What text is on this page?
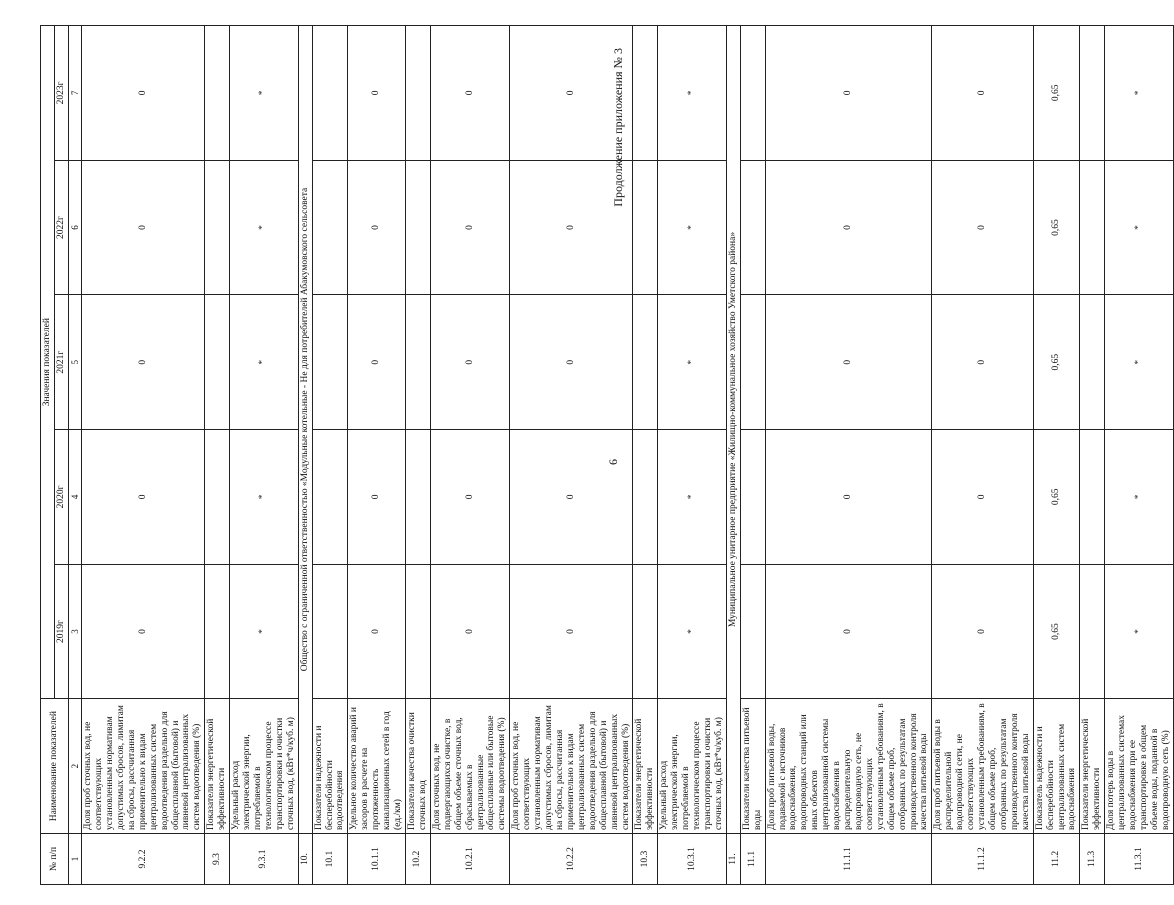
6
Продолжение приложения № 3
№ п/п	Наименование показателей	Значения показателей				
		2019г	2020г	2021г	2022г	2023г
1	2	3	4	5	6	7
9.2.2	Доля проб сточных вод, не соответствующих установленным нормативам допустимых сбросов, лимитам на сбросы, рассчитанная применительно к видам централизованных систем водоотведения раздельно для общесплавной (бытовой) и ливневой централизованных систем водоотведения (%)	0	0	0	0	0
9.3	Показатели энергетической эффективности					
9.3.1	Удельный расход электрической энергии, потребляемой в технологическом процессе транспортировки и очистки сточных вод, (кВт*ч/куб. м)	*	*	*	*	*
10.	Общество с ограниченной ответственностью «Модульные котельные - Не для потребителей Абакумовского сельсовета					
10.1	Показатели надежности и бесперебойности водоотведения					
10.1.1	Удельное количество аварий и засоров в расчете на протяженность канализационных сетей в год (ед./км)	0	0	0	0	0
10.2	Показатели качества очистки сточных вод					
10.2.1	Доля сточных вод, не подвергающихся очистке, в общем объеме сточных вод, сбрасываемых в централизованные общесплавные или бытовые системы водоотведения (%)	0	0	0	0	0
10.2.2	Доля проб сточных вод, не соответствующих установленным нормативам допустимых сбросов, лимитам на сбросы, рассчитанная применительно к видам централизованных систем водоотведения раздельно для общесплавной (бытовой) и ливневой централизованных систем водоотведения (%)	0	0	0	0	0
10.3	Показатели энергетической эффективности					
10.3.1	Удельный расход электрической энергии, потребляемой в технологическом процессе транспортировки и очистки сточных вод, (кВт*ч/куб. м)	*	*	*	*	*
11.	Муниципальное унитарное предприятие «Жилищно-коммунальное хозяйство Уметского района»					
11.1	Показатели качества питьевой воды					
11.1.1	Доля проб питьевой воды, подаваемой с источников водоснабжения, водопроводных станций или иных объектов централизованной системы водоснабжения в распределительную водопроводную сеть, не соответствующих установленным требованиям, в общем объеме проб, отобранных по результатам производственного контроля качества питьевой воды	0	0	0	0	0
11.1.2	Доля проб питьевой воды в распределительной водопроводной сети, не соответствующих установленным требованиям, в общем объеме проб, отобранных по результатам производственного контроля качества питьевой воды	0	0	0	0	0
11.2	Показатель надежности и бесперебойности централизованных систем водоснабжения	0,65	0,65	0,65	0,65	0,65
11.3	Показатели энергетической эффективности					
11.3.1	Доля потерь воды в централизованных системах водоснабжения при ее транспортировке в общем объеме воды, поданной в водопроводную сеть (%)	*	*	*	*	*
